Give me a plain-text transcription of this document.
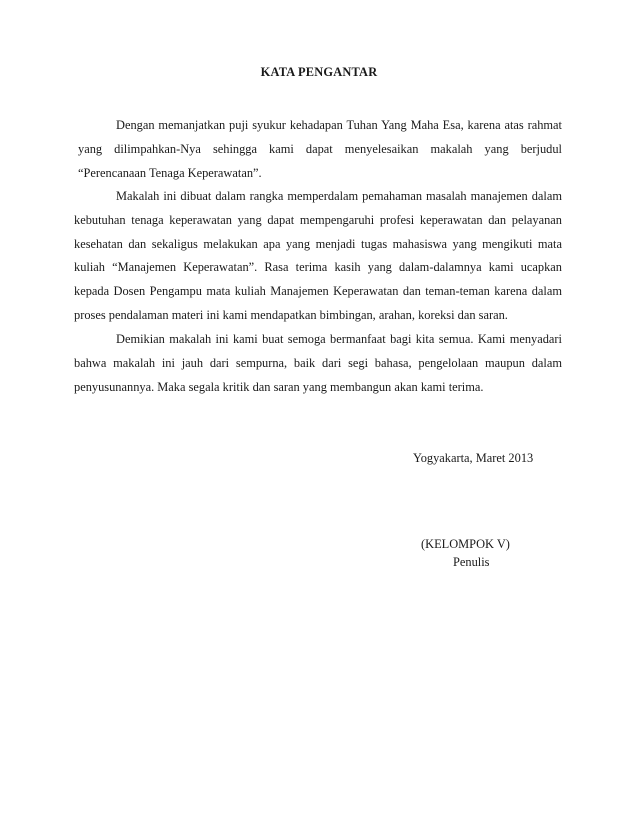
KATA PENGANTAR

Dengan memanjatkan puji syukur kehadapan Tuhan Yang Maha Esa, karena atas rahmat
yang dilimpahkan-Nya sehingga kami dapat menyelesaikan makalah yang berjudul
“Perencanaan Tenaga Keperawatan”.

Makalah ini dibuat dalam rangka memperdalam pemahaman masalah manajemen dalam
kebutuhan tenaga keperawatan yang dapat mempengaruhi profesi keperawatan dan pelayanan
kesehatan dan sekaligus melakukan apa yang menjadi tugas mahasiswa yang mengikuti mata
kuliah “Manajemen Keperawatan”. Rasa terima kasih yang dalam-dalamnya kami ucapkan
kepada Dosen Pengampu mata kuliah Manajemen Keperawatan dan teman-teman karena dalam
proses pendalaman materi ini kami mendapatkan bimbingan, arahan, koreksi dan saran.

Demikian makalah ini kami buat semoga bermanfaat bagi kita semua. Kami menyadari
bahwa makalah ini jauh dari sempurna, baik dari segi bahasa, pengelolaan maupun dalam
penyusunannya. Maka segala kritik dan saran yang membangun akan kami terima.

Yogyakarta, Maret 2013
(KELOMPOK V)
Penulis
